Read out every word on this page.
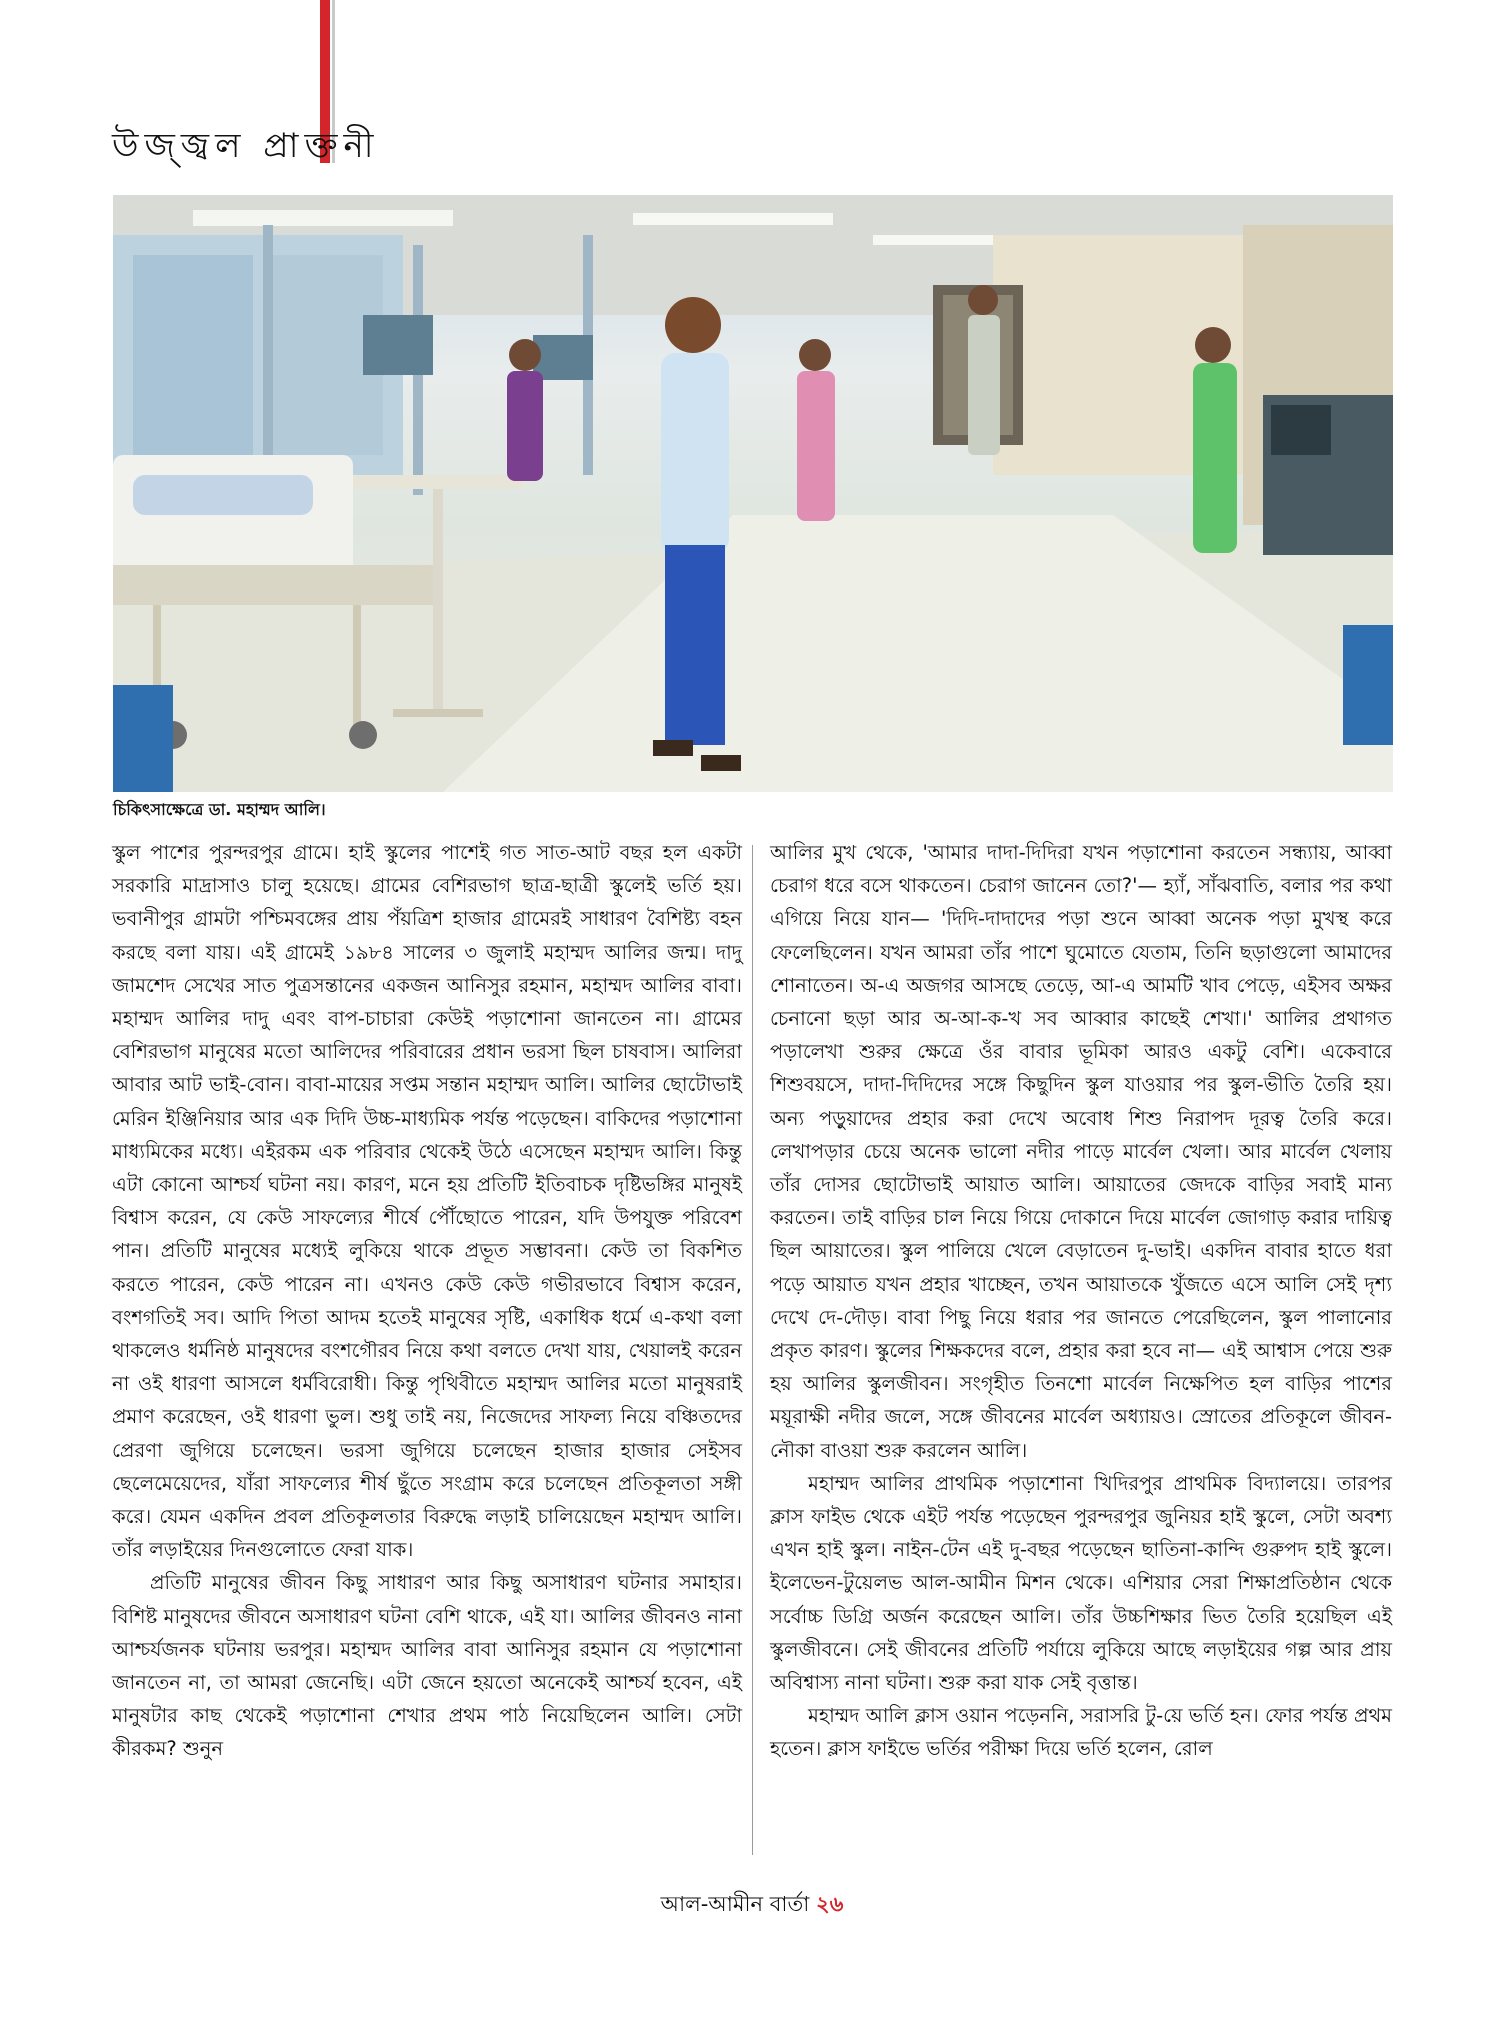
উজ্জ্বল প্রাক্তনী
চিকিৎসাক্ষেত্রে ডা. মহাম্মদ আলি।

স্কুল পাশের পুরন্দরপুর গ্রামে। হাই স্কুলের পাশেই গত সাত-আট বছর হল একটা সরকারি মাদ্রাসাও চালু হয়েছে। গ্রামের বেশিরভাগ ছাত্র-ছাত্রী স্কুলেই ভর্তি হয়। ভবানীপুর গ্রামটা পশ্চিমবঙ্গের প্রায় পঁয়ত্রিশ হাজার গ্রামেরই সাধারণ বৈশিষ্ট্য বহন করছে বলা যায়। এই গ্রামেই ১৯৮৪ সালের ৩ জুলাই মহাম্মদ আলির জন্ম। দাদু জামশেদ সেখের সাত পুত্রসন্তানের একজন আনিসুর রহমান, মহাম্মদ আলির বাবা। মহাম্মদ আলির দাদু এবং বাপ-চাচারা কেউই পড়াশোনা জানতেন না। গ্রামের বেশিরভাগ মানুষের মতো আলিদের পরিবারের প্রধান ভরসা ছিল চাষবাস। আলিরা আবার আট ভাই-বোন। বাবা-মায়ের সপ্তম সন্তান মহাম্মদ আলি। আলির ছোটোভাই মেরিন ইঞ্জিনিয়ার আর এক দিদি উচ্চ-মাধ্যমিক পর্যন্ত পড়েছেন। বাকিদের পড়াশোনা মাধ্যমিকের মধ্যে। এইরকম এক পরিবার থেকেই উঠে এসেছেন মহাম্মদ আলি। কিন্তু এটা কোনো আশ্চর্য ঘটনা নয়। কারণ, মনে হয় প্রতিটি ইতিবাচক দৃষ্টিভঙ্গির মানুষই বিশ্বাস করেন, যে কেউ সাফল্যের শীর্ষে পৌঁছোতে পারেন, যদি উপযুক্ত পরিবেশ পান। প্রতিটি মানুষের মধ্যেই লুকিয়ে থাকে প্রভূত সম্ভাবনা। কেউ তা বিকশিত করতে পারেন, কেউ পারেন না। এখনও কেউ কেউ গভীরভাবে বিশ্বাস করেন, বংশগতিই সব। আদি পিতা আদম হতেই মানুষের সৃষ্টি, একাধিক ধর্মে এ-কথা বলা থাকলেও ধর্মনিষ্ঠ মানুষদের বংশগৌরব নিয়ে কথা বলতে দেখা যায়, খেয়ালই করেন না ওই ধারণা আসলে ধর্মবিরোধী। কিন্তু পৃথিবীতে মহাম্মদ আলির মতো মানুষরাই প্রমাণ করেছেন, ওই ধারণা ভুল। শুধু তাই নয়, নিজেদের সাফল্য নিয়ে বঞ্চিতদের প্রেরণা জুগিয়ে চলেছেন। ভরসা জুগিয়ে চলেছেন হাজার হাজার সেইসব ছেলেমেয়েদের, যাঁরা সাফল্যের শীর্ষ ছুঁতে সংগ্রাম করে চলেছেন প্রতিকূলতা সঙ্গী করে। যেমন একদিন প্রবল প্রতিকূলতার বিরুদ্ধে লড়াই চালিয়েছেন মহাম্মদ আলি। তাঁর লড়াইয়ের দিনগুলোতে ফেরা যাক।

প্রতিটি মানুষের জীবন কিছু সাধারণ আর কিছু অসাধারণ ঘটনার সমাহার। বিশিষ্ট মানুষদের জীবনে অসাধারণ ঘটনা বেশি থাকে, এই যা। আলির জীবনও নানা আশ্চর্যজনক ঘটনায় ভরপুর। মহাম্মদ আলির বাবা আনিসুর রহমান যে পড়াশোনা জানতেন না, তা আমরা জেনেছি। এটা জেনে হয়তো অনেকেই আশ্চর্য হবেন, এই মানুষটার কাছ থেকেই পড়াশোনা শেখার প্রথম পাঠ নিয়েছিলেন আলি। সেটা কীরকম? শুনুন

আলির মুখ থেকে, 'আমার দাদা-দিদিরা যখন পড়াশোনা করতেন সন্ধ্যায়, আব্বা চেরাগ ধরে বসে থাকতেন। চেরাগ জানেন তো?'— হ্যাঁ, সাঁঝবাতি, বলার পর কথা এগিয়ে নিয়ে যান— 'দিদি-দাদাদের পড়া শুনে আব্বা অনেক পড়া মুখস্থ করে ফেলেছিলেন। যখন আমরা তাঁর পাশে ঘুমোতে যেতাম, তিনি ছড়াগুলো আমাদের শোনাতেন। অ-এ অজগর আসছে তেড়ে, আ-এ আমটি খাব পেড়ে, এইসব অক্ষর চেনানো ছড়া আর অ-আ-ক-খ সব আব্বার কাছেই শেখা।' আলির প্রথাগত পড়ালেখা শুরুর ক্ষেত্রে ওঁর বাবার ভূমিকা আরও একটু বেশি। একেবারে শিশুবয়সে, দাদা-দিদিদের সঙ্গে কিছুদিন স্কুল যাওয়ার পর স্কুল-ভীতি তৈরি হয়। অন্য পড়ুয়াদের প্রহার করা দেখে অবোধ শিশু নিরাপদ দূরত্ব তৈরি করে। লেখাপড়ার চেয়ে অনেক ভালো নদীর পাড়ে মার্বেল খেলা। আর মার্বেল খেলায় তাঁর দোসর ছোটোভাই আয়াত আলি। আয়াতের জেদকে বাড়ির সবাই মান্য করতেন। তাই বাড়ির চাল নিয়ে গিয়ে দোকানে দিয়ে মার্বেল জোগাড় করার দায়িত্ব ছিল আয়াতের। স্কুল পালিয়ে খেলে বেড়াতেন দু-ভাই। একদিন বাবার হাতে ধরা পড়ে আয়াত যখন প্রহার খাচ্ছেন, তখন আয়াতকে খুঁজতে এসে আলি সেই দৃশ্য দেখে দে-দৌড়। বাবা পিছু নিয়ে ধরার পর জানতে পেরেছিলেন, স্কুল পালানোর প্রকৃত কারণ। স্কুলের শিক্ষকদের বলে, প্রহার করা হবে না— এই আশ্বাস পেয়ে শুরু হয় আলির স্কুলজীবন। সংগৃহীত তিনশো মার্বেল নিক্ষেপিত হল বাড়ির পাশের ময়ূরাক্ষী নদীর জলে, সঙ্গে জীবনের মার্বেল অধ্যায়ও। স্রোতের প্রতিকূলে জীবন-নৌকা বাওয়া শুরু করলেন আলি।

মহাম্মদ আলির প্রাথমিক পড়াশোনা খিদিরপুর প্রাথমিক বিদ্যালয়ে। তারপর ক্লাস ফাইভ থেকে এইট পর্যন্ত পড়েছেন পুরন্দরপুর জুনিয়র হাই স্কুলে, সেটা অবশ্য এখন হাই স্কুল। নাইন-টেন এই দু-বছর পড়েছেন ছাতিনা-কান্দি গুরুপদ হাই স্কুলে। ইলেভেন-টুয়েলভ আল-আমীন মিশন থেকে। এশিয়ার সেরা শিক্ষাপ্রতিষ্ঠান থেকে সর্বোচ্চ ডিগ্রি অর্জন করেছেন আলি। তাঁর উচ্চশিক্ষার ভিত তৈরি হয়েছিল এই স্কুলজীবনে। সেই জীবনের প্রতিটি পর্যায়ে লুকিয়ে আছে লড়াইয়ের গল্প আর প্রায় অবিশ্বাস্য নানা ঘটনা। শুরু করা যাক সেই বৃত্তান্ত।

মহাম্মদ আলি ক্লাস ওয়ান পড়েননি, সরাসরি টু-য়ে ভর্তি হন। ফোর পর্যন্ত প্রথম হতেন। ক্লাস ফাইভে ভর্তির পরীক্ষা দিয়ে ভর্তি হলেন, রোল

আল-আমীন বার্তা ২৬
